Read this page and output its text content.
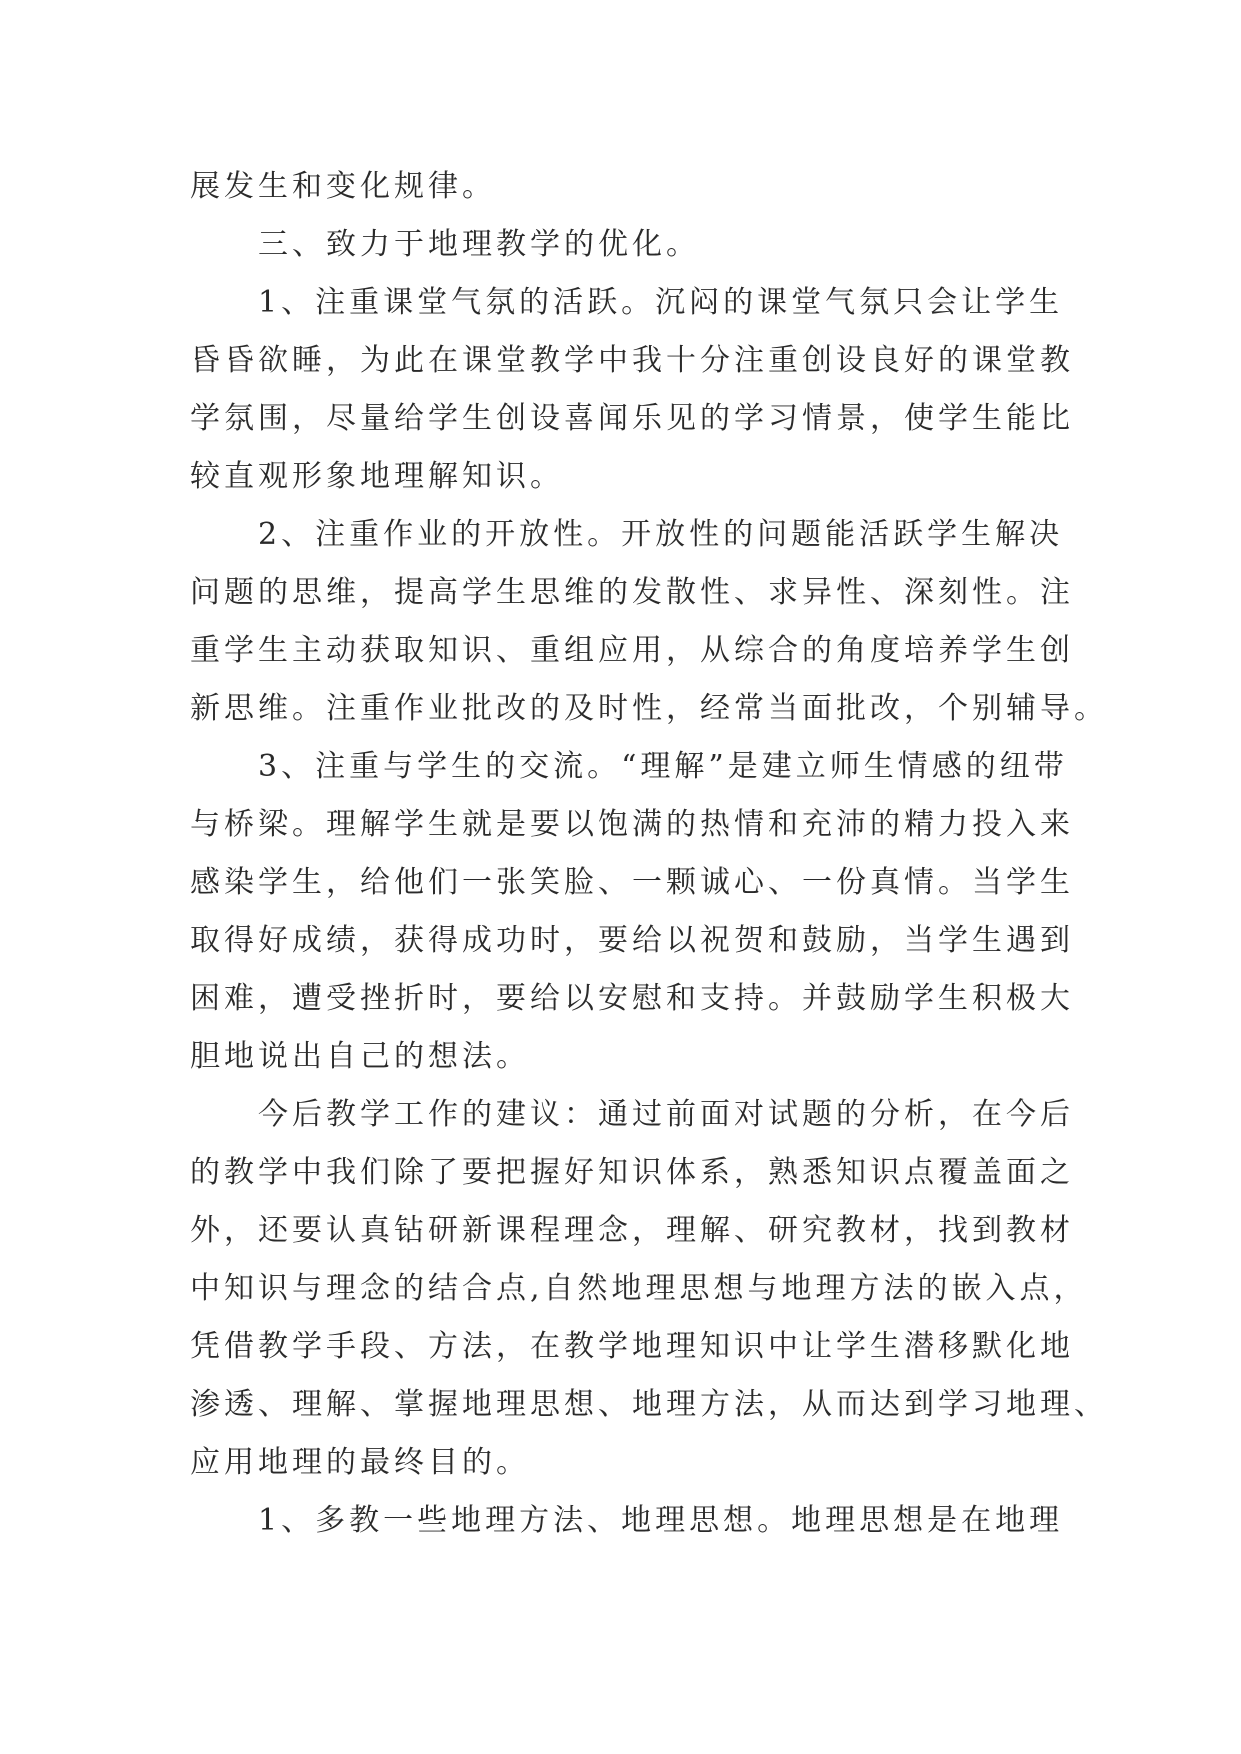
展发生和变化规律。
三、致力于地理教学的优化。
1、注重课堂气氛的活跃。沉闷的课堂气氛只会让学生
昏昏欲睡，为此在课堂教学中我十分注重创设良好的课堂教
学氛围，尽量给学生创设喜闻乐见的学习情景，使学生能比
较直观形象地理解知识。
2、注重作业的开放性。开放性的问题能活跃学生解决
问题的思维，提高学生思维的发散性、求异性、深刻性。注
重学生主动获取知识、重组应用，从综合的角度培养学生创
新思维。注重作业批改的及时性，经常当面批改，个别辅导。
3、注重与学生的交流。“理解”是建立师生情感的纽带
与桥梁。理解学生就是要以饱满的热情和充沛的精力投入来
感染学生，给他们一张笑脸、一颗诚心、一份真情。当学生
取得好成绩，获得成功时，要给以祝贺和鼓励，当学生遇到
困难，遭受挫折时，要给以安慰和支持。并鼓励学生积极大
胆地说出自己的想法。
今后教学工作的建议：通过前面对试题的分析，在今后
的教学中我们除了要把握好知识体系，熟悉知识点覆盖面之
外，还要认真钻研新课程理念，理解、研究教材，找到教材
中知识与理念的结合点,自然地理思想与地理方法的嵌入点，
凭借教学手段、方法，在教学地理知识中让学生潜移默化地
渗透、理解、掌握地理思想、地理方法，从而达到学习地理、
应用地理的最终目的。
1、多教一些地理方法、地理思想。地理思想是在地理
